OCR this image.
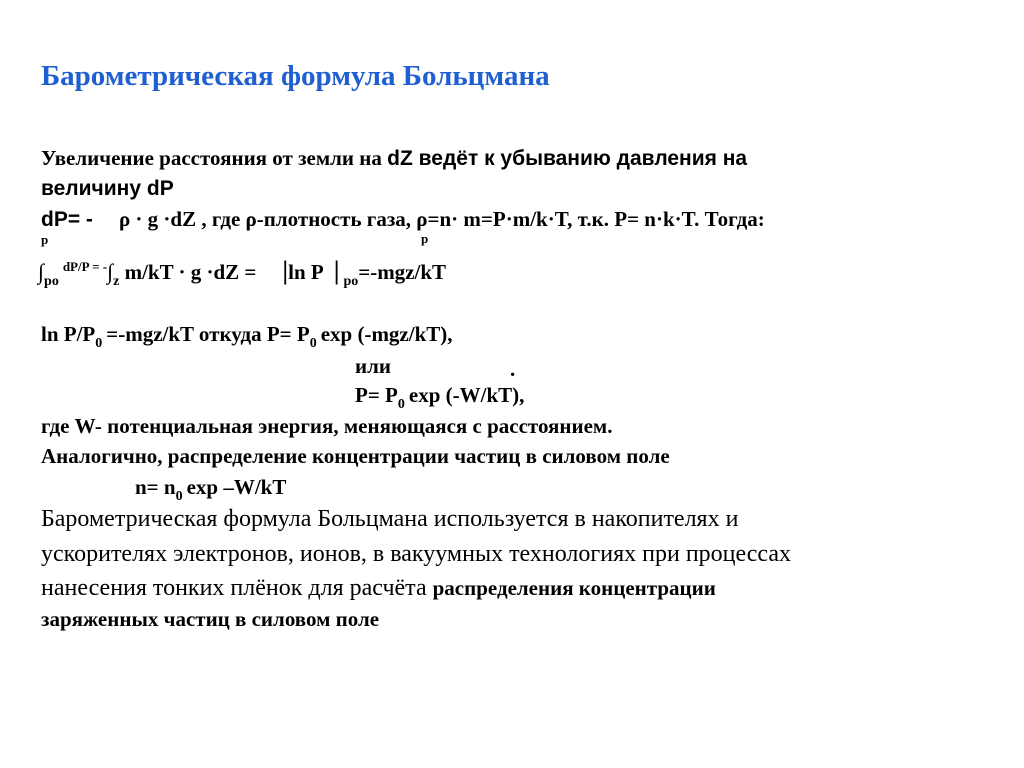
Барометрическая формула Больцмана
Увеличение расстояния от земли на dZ ведёт к убыванию давления на
величину dP
dP= - ρ · g ·dZ , где ρ-плотность газа, ρ=n· m=P·m/k·T, т.к. P= n·k·T. Тогда:
p	p
∫po $^{dP/P = -}$∫z m/kT · g ·dZ = |ln P | po=-mgz/kT
ln P/P0 =-mgz/kT откуда P= P0 exp (-mgz/kT),
или	.
P= P0 exp (-W/kT),
где W- потенциальная энергия, меняющаяся с расстоянием.
Аналогично, распределение концентрации частиц в силовом поле
n= n0 exp –W/kT
Барометрическая формула Больцмана используется в накопителях и
ускорителях электронов, ионов, в вакуумных технологиях при процессах
нанесения тонких плёнок для расчёта распределения концентрации
заряженных частиц в силовом поле
